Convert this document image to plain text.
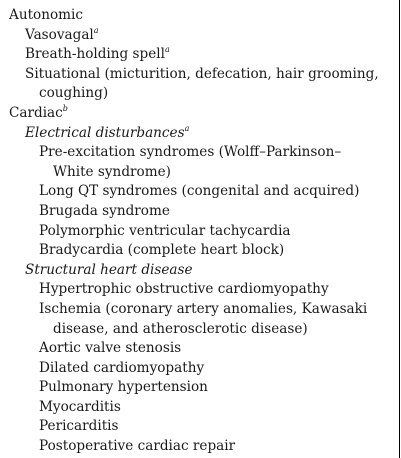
Autonomic
Vasovagal$^a$
Breath-holding spell$^a$
Situational (micturition, defecation, hair grooming, coughing)
Cardiac$^b$
Electrical disturbances$^a$
Pre-excitation syndromes (Wolff–Parkinson–White syndrome)
Long QT syndromes (congenital and acquired)
Brugada syndrome
Polymorphic ventricular tachycardia
Bradycardia (complete heart block)
Structural heart disease
Hypertrophic obstructive cardiomyopathy
Ischemia (coronary artery anomalies, Kawasaki disease, and atherosclerotic disease)
Aortic valve stenosis
Dilated cardiomyopathy
Pulmonary hypertension
Myocarditis
Pericarditis
Postoperative cardiac repair
